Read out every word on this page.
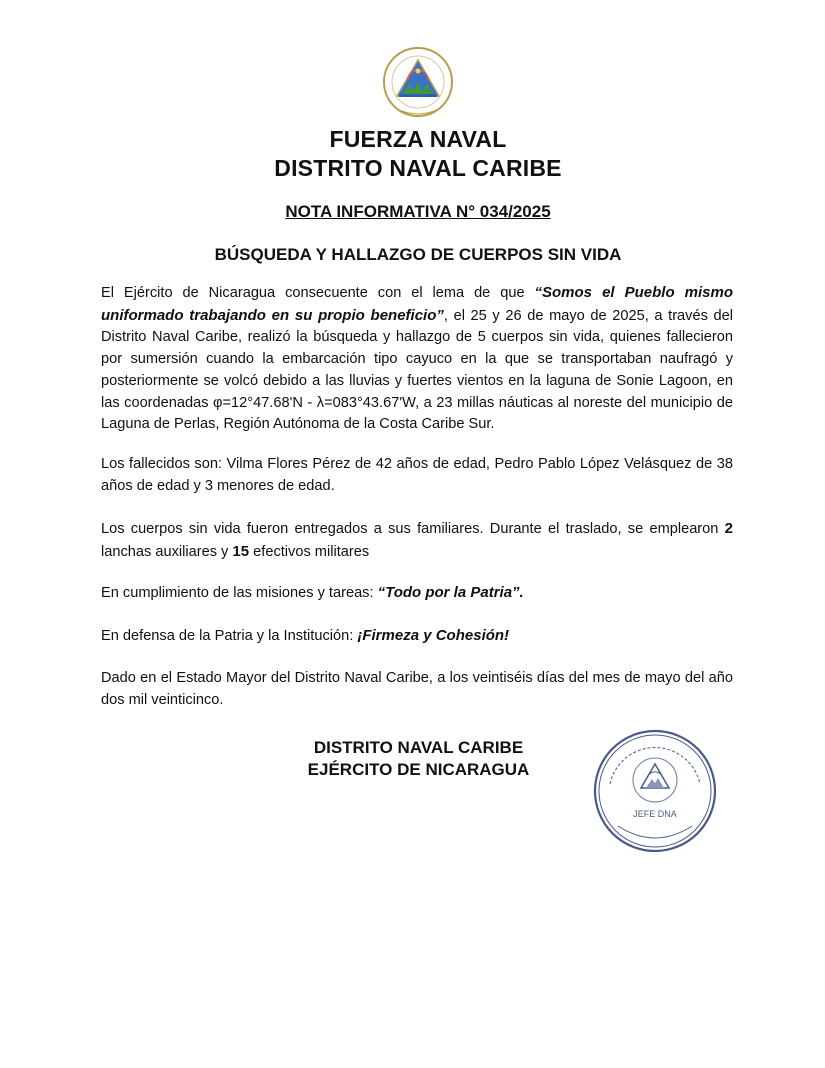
FUERZA NAVAL
DISTRITO NAVAL CARIBE
NOTA INFORMATIVA N° 034/2025
BÚSQUEDA Y HALLAZGO DE CUERPOS SIN VIDA
El Ejército de Nicaragua consecuente con el lema de que “Somos el Pueblo mismo uniformado trabajando en su propio beneficio”, el 25 y 26 de mayo de 2025, a través del Distrito Naval Caribe, realizó la búsqueda y hallazgo de 5 cuerpos sin vida, quienes fallecieron por sumersión cuando la embarcación tipo cayuco en la que se transportaban naufragó y posteriormente se volcó debido a las lluvias y fuertes vientos en la laguna de Sonie Lagoon, en las coordenadas φ=12°47.68'N - λ=083°43.67'W, a 23 millas náuticas al noreste del municipio de Laguna de Perlas, Región Autónoma de la Costa Caribe Sur.
Los fallecidos son: Vilma Flores Pérez de 42 años de edad, Pedro Pablo López Velásquez de 38 años de edad y 3 menores de edad.
Los cuerpos sin vida fueron entregados a sus familiares. Durante el traslado, se emplearon 2 lanchas auxiliares y 15 efectivos militares
En cumplimiento de las misiones y tareas: “Todo por la Patria”.
En defensa de la Patria y la Institución: ¡Firmeza y Cohesión!
Dado en el Estado Mayor del Distrito Naval Caribe, a los veintiséis días del mes de mayo del año dos mil veinticinco.
DISTRITO NAVAL CARIBE
EJÉRCITO DE NICARAGUA
JEFE DNA
